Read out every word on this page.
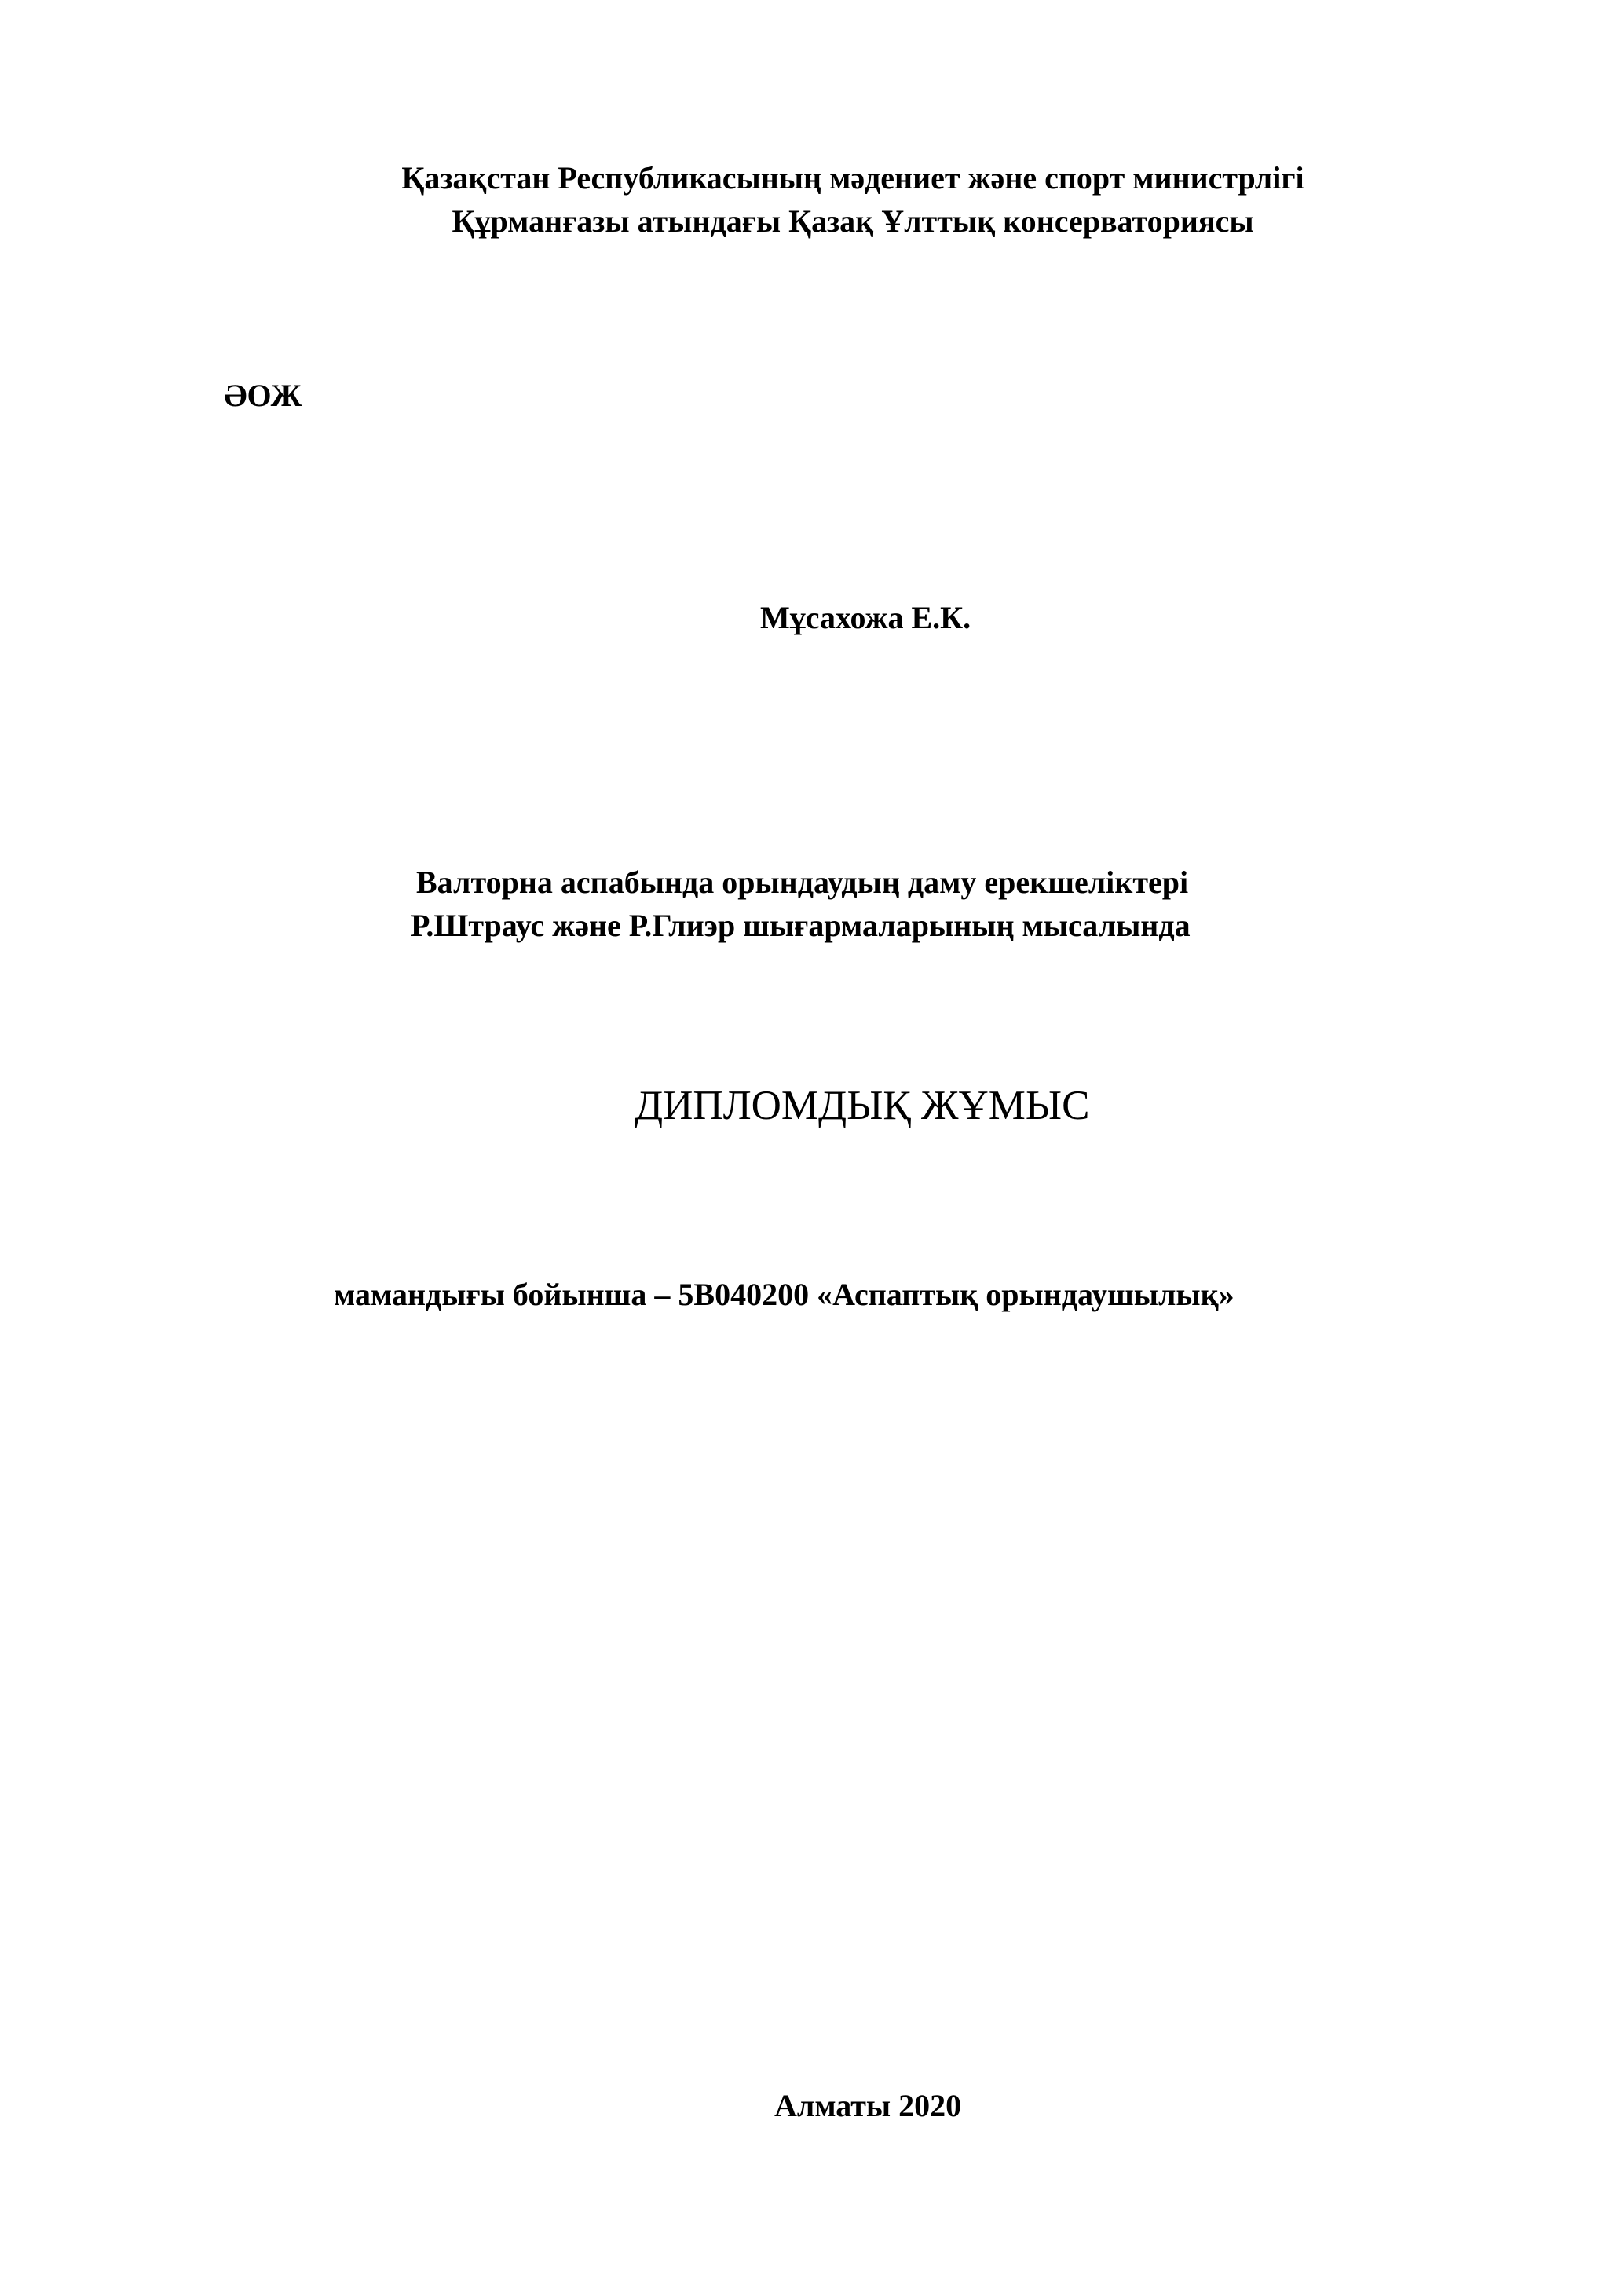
Қазақстан Республикасының мәдениет және спорт министрлігі
Құрманғазы атындағы Қазақ Ұлттық консерваториясы
ӘОЖ
Мұсахожа Е.К.
Валторна аспабында орындаудың даму ерекшеліктері
Р.Штраус және Р.Глиэр шығармаларының мысалында
ДИПЛОМДЫҚ ЖҰМЫС
мамандығы бойынша – 5В040200 «Аспаптық орындаушылық»
Алматы 2020
